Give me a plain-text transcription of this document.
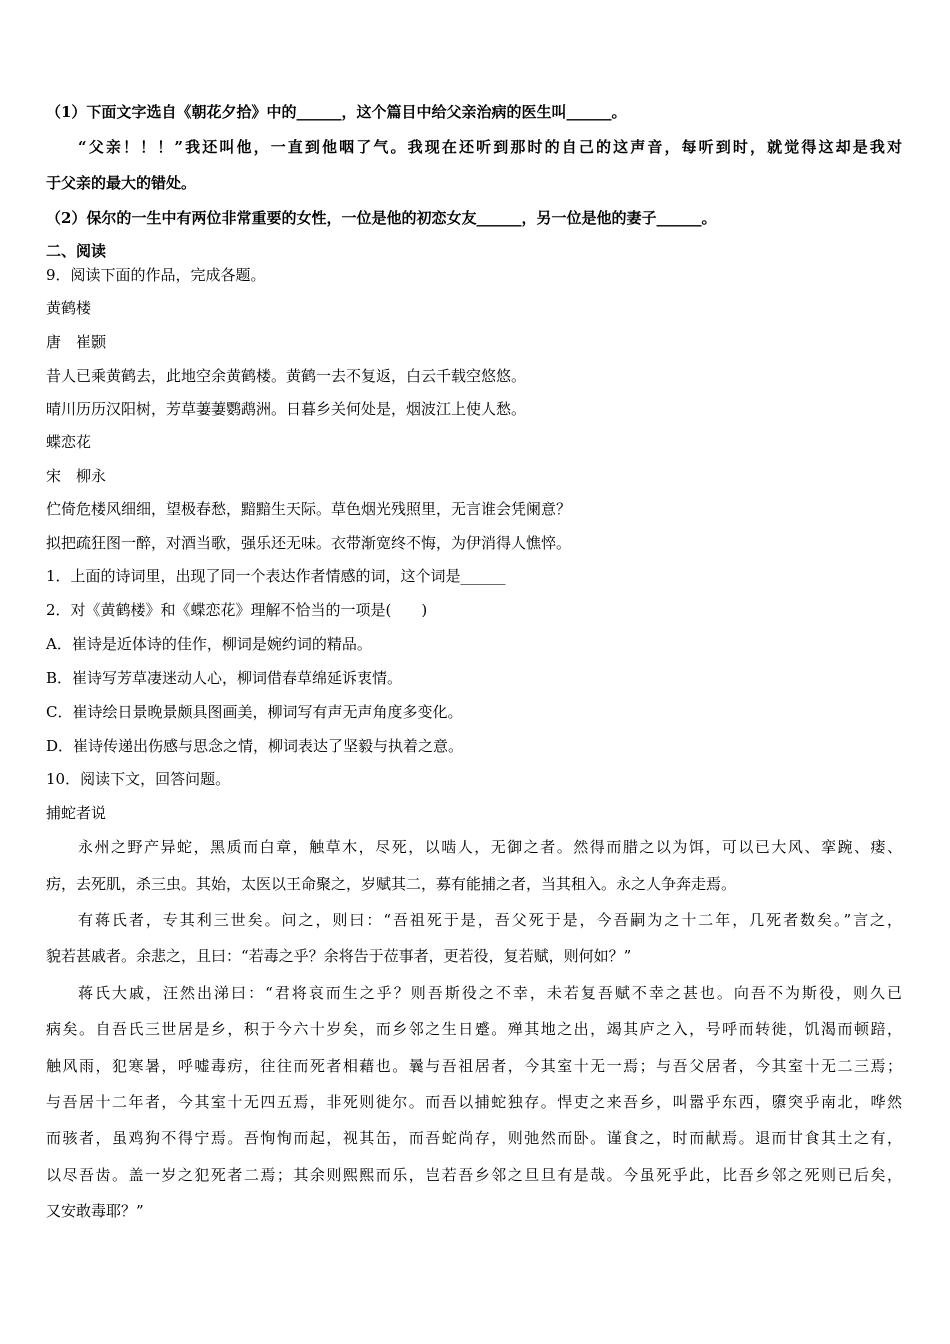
（1）下面文字选自《朝花夕拾》中的______，这个篇目中给父亲治病的医生叫______。
“父亲！！！”我还叫他，一直到他咽了气。我现在还听到那时的自己的这声音，每听到时，就觉得这却是我对
于父亲的最大的错处。
（2）保尔的一生中有两位非常重要的女性，一位是他的初恋女友______，另一位是他的妻子______。
二、阅读
9．阅读下面的作品，完成各题。
黄鹤楼
唐　崔颢
昔人已乘黄鹤去，此地空余黄鹤楼。黄鹤一去不复返，白云千载空悠悠。
晴川历历汉阳树，芳草萋萋鹦鹉洲。日暮乡关何处是，烟波江上使人愁。
蝶恋花
宋　柳永
伫倚危楼风细细，望极春愁，黯黯生天际。草色烟光残照里，无言谁会凭阑意？
拟把疏狂图一醉，对酒当歌，强乐还无味。衣带渐宽终不悔，为伊消得人憔悴。
1．上面的诗词里，出现了同一个表达作者情感的词，这个词是______
2．对《黄鹤楼》和《蝶恋花》理解不恰当的一项是(　　)
A．崔诗是近体诗的佳作，柳词是婉约词的精品。
B．崔诗写芳草凄迷动人心，柳词借春草绵延诉衷情。
C．崔诗绘日景晚景颇具图画美，柳词写有声无声角度多变化。
D．崔诗传递出伤感与思念之情，柳词表达了坚毅与执着之意。
10．阅读下文，回答问题。
捕蛇者说
永州之野产异蛇，黑质而白章，触草木，尽死，以啮人，无御之者。然得而腊之以为饵，可以已大风、挛踠、瘘、
疠，去死肌，杀三虫。其始，太医以王命聚之，岁赋其二，募有能捕之者，当其租入。永之人争奔走焉。
有蒋氏者，专其利三世矣。问之，则曰：“吾祖死于是，吾父死于是，今吾嗣为之十二年，几死者数矣。”言之，
貌若甚戚者。余悲之，且曰：“若毒之乎？余将告于莅事者，更若役，复若赋，则何如？”
蒋氏大戚，汪然出涕曰：“君将哀而生之乎？则吾斯役之不幸，未若复吾赋不幸之甚也。向吾不为斯役，则久已
病矣。自吾氏三世居是乡，积于今六十岁矣，而乡邻之生日蹙。殚其地之出，竭其庐之入，号呼而转徙，饥渴而顿踣，
触风雨，犯寒暑，呼嘘毒疠，往往而死者相藉也。曩与吾祖居者，今其室十无一焉；与吾父居者，今其室十无二三焉；
与吾居十二年者，今其室十无四五焉，非死则徙尔。而吾以捕蛇独存。悍吏之来吾乡，叫嚣乎东西，隳突乎南北，哗然
而骇者，虽鸡狗不得宁焉。吾恂恂而起，视其缶，而吾蛇尚存，则弛然而卧。谨食之，时而献焉。退而甘食其土之有，
以尽吾齿。盖一岁之犯死者二焉；其余则熙熙而乐，岂若吾乡邻之旦旦有是哉。今虽死乎此，比吾乡邻之死则已后矣，
又安敢毒耶？”
